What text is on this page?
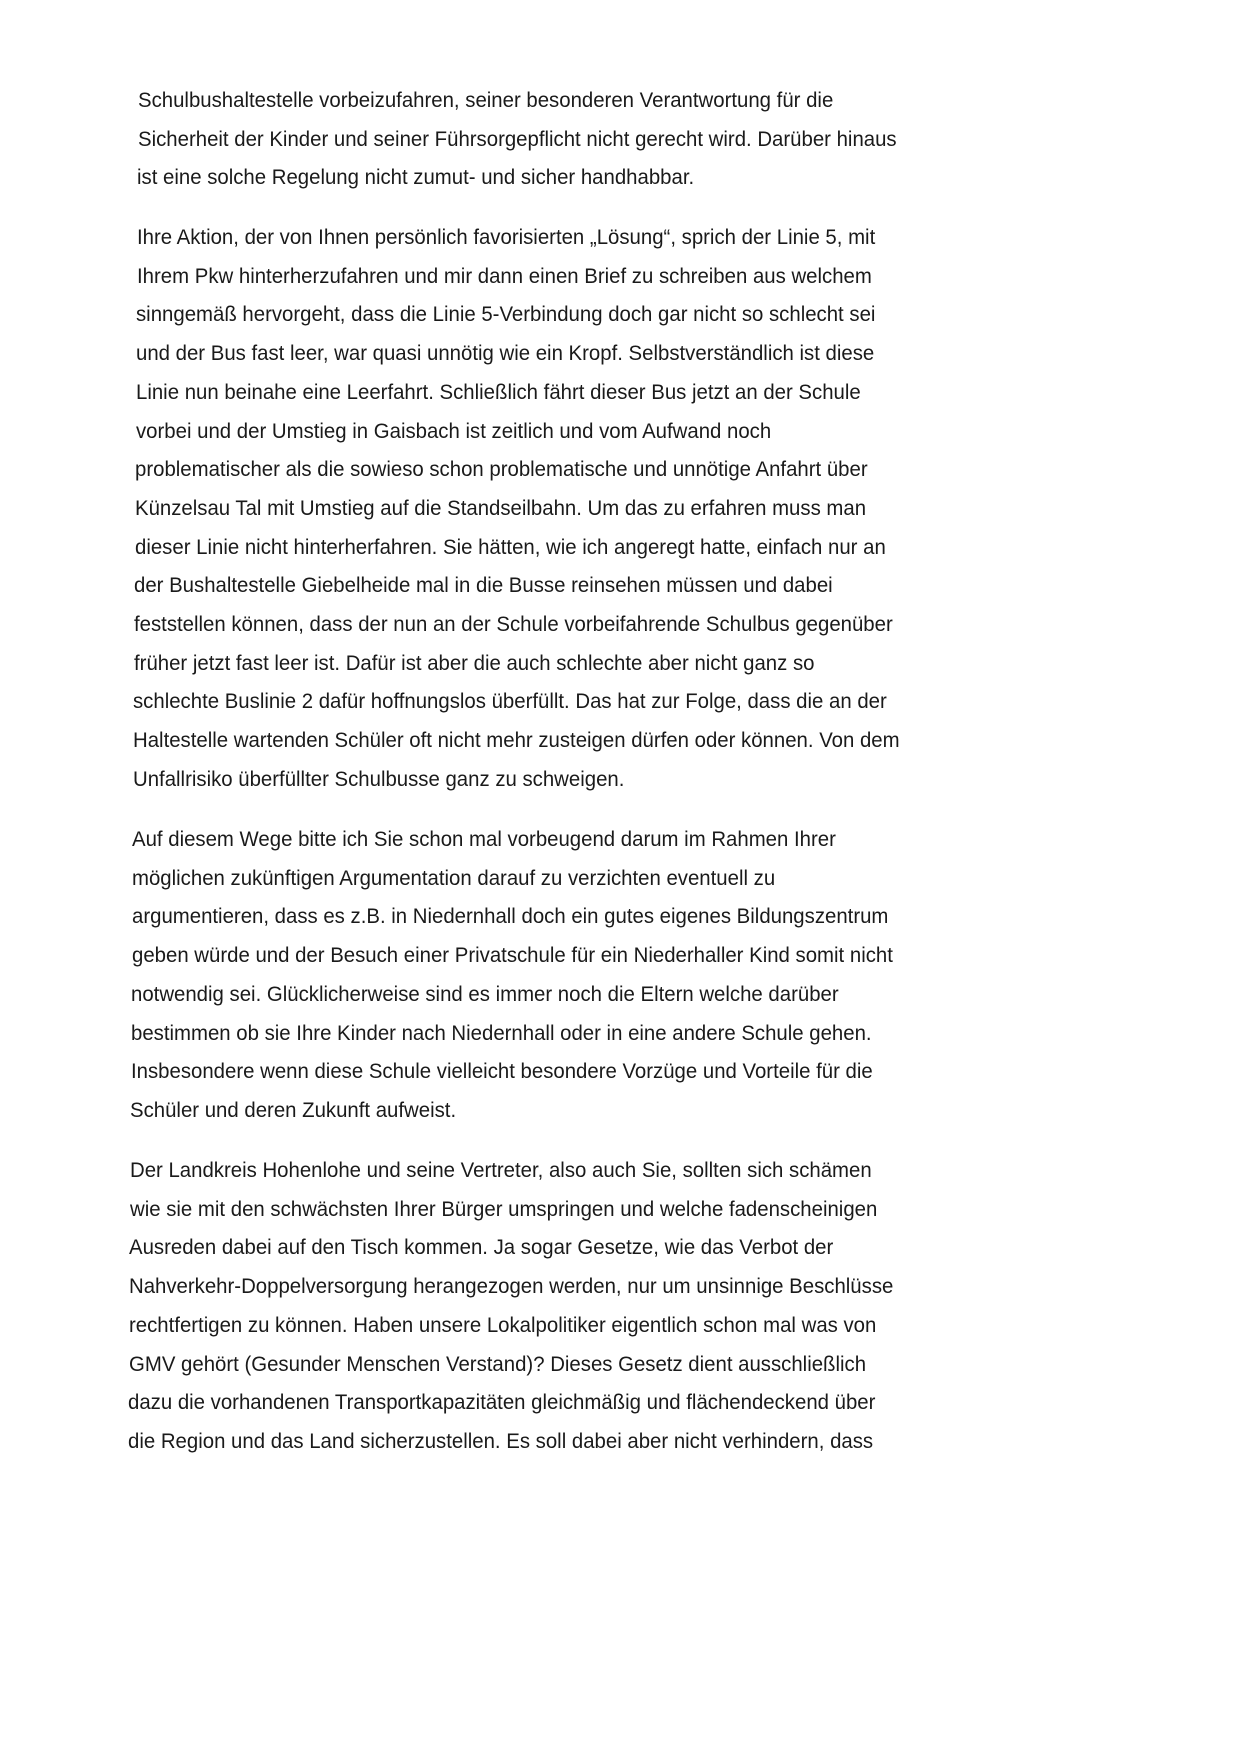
Schulbushaltestelle vorbeizufahren, seiner besonderen Verantwortung für die
Sicherheit der Kinder und seiner Führsorgepflicht nicht gerecht wird. Darüber hinaus
ist eine solche Regelung nicht zumut- und sicher handhabbar.
Ihre Aktion, der von Ihnen persönlich favorisierten „Lösung“, sprich der Linie 5, mit
Ihrem Pkw hinterherzufahren und mir dann einen Brief zu schreiben aus welchem
sinngemäß hervorgeht, dass die Linie 5-Verbindung doch gar nicht so schlecht sei
und der Bus fast leer, war quasi unnötig wie ein Kropf. Selbstverständlich ist diese
Linie nun beinahe eine Leerfahrt. Schließlich fährt dieser Bus jetzt an der Schule
vorbei und der Umstieg in Gaisbach ist zeitlich und vom Aufwand noch
problematischer als die sowieso schon problematische und unnötige Anfahrt über
Künzelsau Tal mit Umstieg auf die Standseilbahn. Um das zu erfahren muss man
dieser Linie nicht hinterherfahren. Sie hätten, wie ich angeregt hatte, einfach nur an
der Bushaltestelle Giebelheide mal in die Busse reinsehen müssen und dabei
feststellen können, dass der nun an der Schule vorbeifahrende Schulbus gegenüber
früher jetzt fast leer ist. Dafür ist aber die auch schlechte aber nicht ganz so
schlechte Buslinie 2 dafür hoffnungslos überfüllt. Das hat zur Folge, dass die an der
Haltestelle wartenden Schüler oft nicht mehr zusteigen dürfen oder können. Von dem
Unfallrisiko überfüllter Schulbusse ganz zu schweigen.
Auf diesem Wege bitte ich Sie schon mal vorbeugend darum im Rahmen Ihrer
möglichen zukünftigen Argumentation darauf zu verzichten eventuell zu
argumentieren, dass es z.B. in Niedernhall doch ein gutes eigenes Bildungszentrum
geben würde und der Besuch einer Privatschule für ein Niederhaller Kind somit nicht
notwendig sei. Glücklicherweise sind es immer noch die Eltern welche darüber
bestimmen ob sie Ihre Kinder nach Niedernhall oder in eine andere Schule gehen.
Insbesondere wenn diese Schule vielleicht besondere Vorzüge und Vorteile für die
Schüler und deren Zukunft aufweist.
Der Landkreis Hohenlohe und seine Vertreter, also auch Sie, sollten sich schämen
wie sie mit den schwächsten Ihrer Bürger umspringen und welche fadenscheinigen
Ausreden dabei auf den Tisch kommen. Ja sogar Gesetze, wie das Verbot der
Nahverkehr-Doppelversorgung herangezogen werden, nur um unsinnige Beschlüsse
rechtfertigen zu können. Haben unsere Lokalpolitiker eigentlich schon mal was von
GMV gehört (Gesunder Menschen Verstand)? Dieses Gesetz dient ausschließlich
dazu die vorhandenen Transportkapazitäten gleichmäßig und flächendeckend über
die Region und das Land sicherzustellen. Es soll dabei aber nicht verhindern, dass
